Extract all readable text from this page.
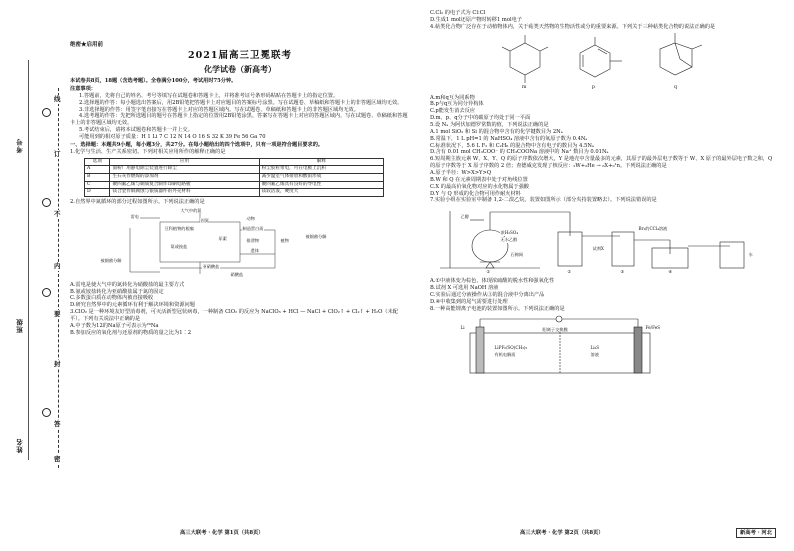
考号
班级
姓名
线
订
不
内
要
封
答
密
绝密★启用前
2021届高三卫冕联考
化学试卷（新高考）
本试卷共8页，18题（含选考题）。全卷满分100分，考试用时75分钟。
注意事项：
1.答题前，先将自己的姓名、考号等填写在试题卷和答题卡上，并将准考证号条形码粘贴在答题卡上的指定位置。
2.选择题的作答：每小题选出答案后，用2B铅笔把答题卡上对应题目的答案标号涂黑。写在试题卷、草稿纸和答题卡上的非答题区域均无效。
3.非选择题的作答：用签字笔直接写在答题卡上对应的答题区域内。写在试题卷、草稿纸和答题卡上的非答题区域均无效。
4.选考题的作答：先把所选题目的题号在答题卡上指定的位置用2B铅笔涂黑。答案写在答题卡上对应的答题区域内，写在试题卷、草稿纸和答题卡上的非答题区域均无效。
5.考试结束后，请将本试题卷和答题卡一并上交。
可能用到的相对原子质量：H 1 Li 7 C 12 N 14 O 16 S 32 K 39 Fe 56 Ga 70
一、选择题：本题共9小题，每小题3分，共27分。在每小题给出的四个选项中，只有一项是符合题目要求的。
1.化学与生活、生产关系密切。下列对相关应用所作的解释正确的是
选项	应用	解释
A	面粉厂用静电除尘装置进行除尘	粉尘胶粒带电，可在电极上沉积
B	生石灰作燃煤的添加剂	减少温室气体排放和酸雨形成
C	聚四氟乙烯与铜质复合制作印刷电路板	聚四氟乙烯具有良好的导电性
D	镁合金作铜腐蚀与银质器件的外壳材料	镁较活泼，硬度大
2.自然界中氮循环的部分过程如图所示。下列说法正确的是
大气中的氮
雷电	动物
豆科植物的根瘤
固氮
制造蛋白质
植物
被细菌分解
氨或铵盐
亚硝酸盐
硝酸盐
尿素
遗体
排泄物
被细菌分解
A.雷电是使大气中的氮转化为硝酸盐的最主要方式
B.氨或铵盐转化为亚硝酸盐属于氮的固定
C.多数蛋白质在动物体内被直接吸收
D.研究自然界中的元素循环有利于解决环境和资源问题
3.ClO₂ 是一种环境友好型消毒剂，可灭活新型冠状病毒，一种制备 ClO₂ 的反应为 NaClO₃ + HCl — NaCl + ClO₂↑ + Cl₂↑ + H₂O（未配平）。下列有关说法中正确的是
A.中子数为12的Na原子可表示为²³Na
B.参加反应的氧化剂与还原剂的物质的量之比为1∶2
C.Cl₂ 的电子式为 Cl:Cl
D.生成1 mol还原产物时转移1 mol电子
4.萜类化合物广泛存在于动植物体内，关于萜类天然物的生物活性或分的重要来源。下列关于三种萜类化合物的说法正确的是
m	p	q
A.m和q互为同系物
B.p与q互为同分异构体
C.p能发生消去反应
D.m、p、q分子中的碳原子均处于同一平面
5.设 Nₐ 为阿伏加德罗常数的值，下列说法正确的是
A.1 mol SiO₂ 和 Si 的混合物中含有的化学键数目为 2Nₐ
B.常温下，1 L pH=1 的 NaHSO₄ 溶液中含有的氧原子数为 0.4Nₐ
C.标准状况下，5.6 L F₂ 和 C₂H₆ 的混合物中含有电子的数目为 4.5Nₐ
D.含有 0.01 mol CH₃COO⁻ 的 CH₃COONa 溶液中的 Na⁺ 数目为 0.01Nₐ
6.短周期主族元素 W、X、Y、Q 的原子序数依次增大，Y 是地壳中含量最多的元素，其原子的最外层电子数等于 W、X 原子的最外层电子数之和，Q 的原子序数等于 X 原子序数的 2 倍；查德威克发现了核反应：₂W+₂He → ₆X+₀¹n。下列说法正确的是
A.原子半径：W>X>Y>Q
B.W 和 Q 在元素周期表中处于对角线位置
C.X 的最高价氧化物对应的水化物属于强酸
D.Y 与 Q 形成的化合物可用作耐火材料
7.实验小组在实验室中制备 1,2-二溴乙烷，装置如图所示（部分夹持装置略去）。下列说法错误的是
乙醇
浓H₂SO₄
无水乙醇
石棉网
试剂X
Br₂的CCl₄溶液
水
①	②	③	④
A.①中液体变为棕色，体现浓硫酸的脱水性和强氧化性
B.试剂 X 可选用 NaOH 溶液
C.实验后通过分液操作从③的混合液中分离出产品
D.④中收集到的尾气需要进行处理
8.一种高能锂离子电池的装置如图所示。下列说法正确的是
Li	阳离子交换膜	Fe/FeS
LiPF₆/SO(CH₃)₂
有机电解质
Li₂S
溶液
高三大联考 · 化学 第1页（共8页）	高三大联考 · 化学 第2页（共8页）	新高考 · 河北
